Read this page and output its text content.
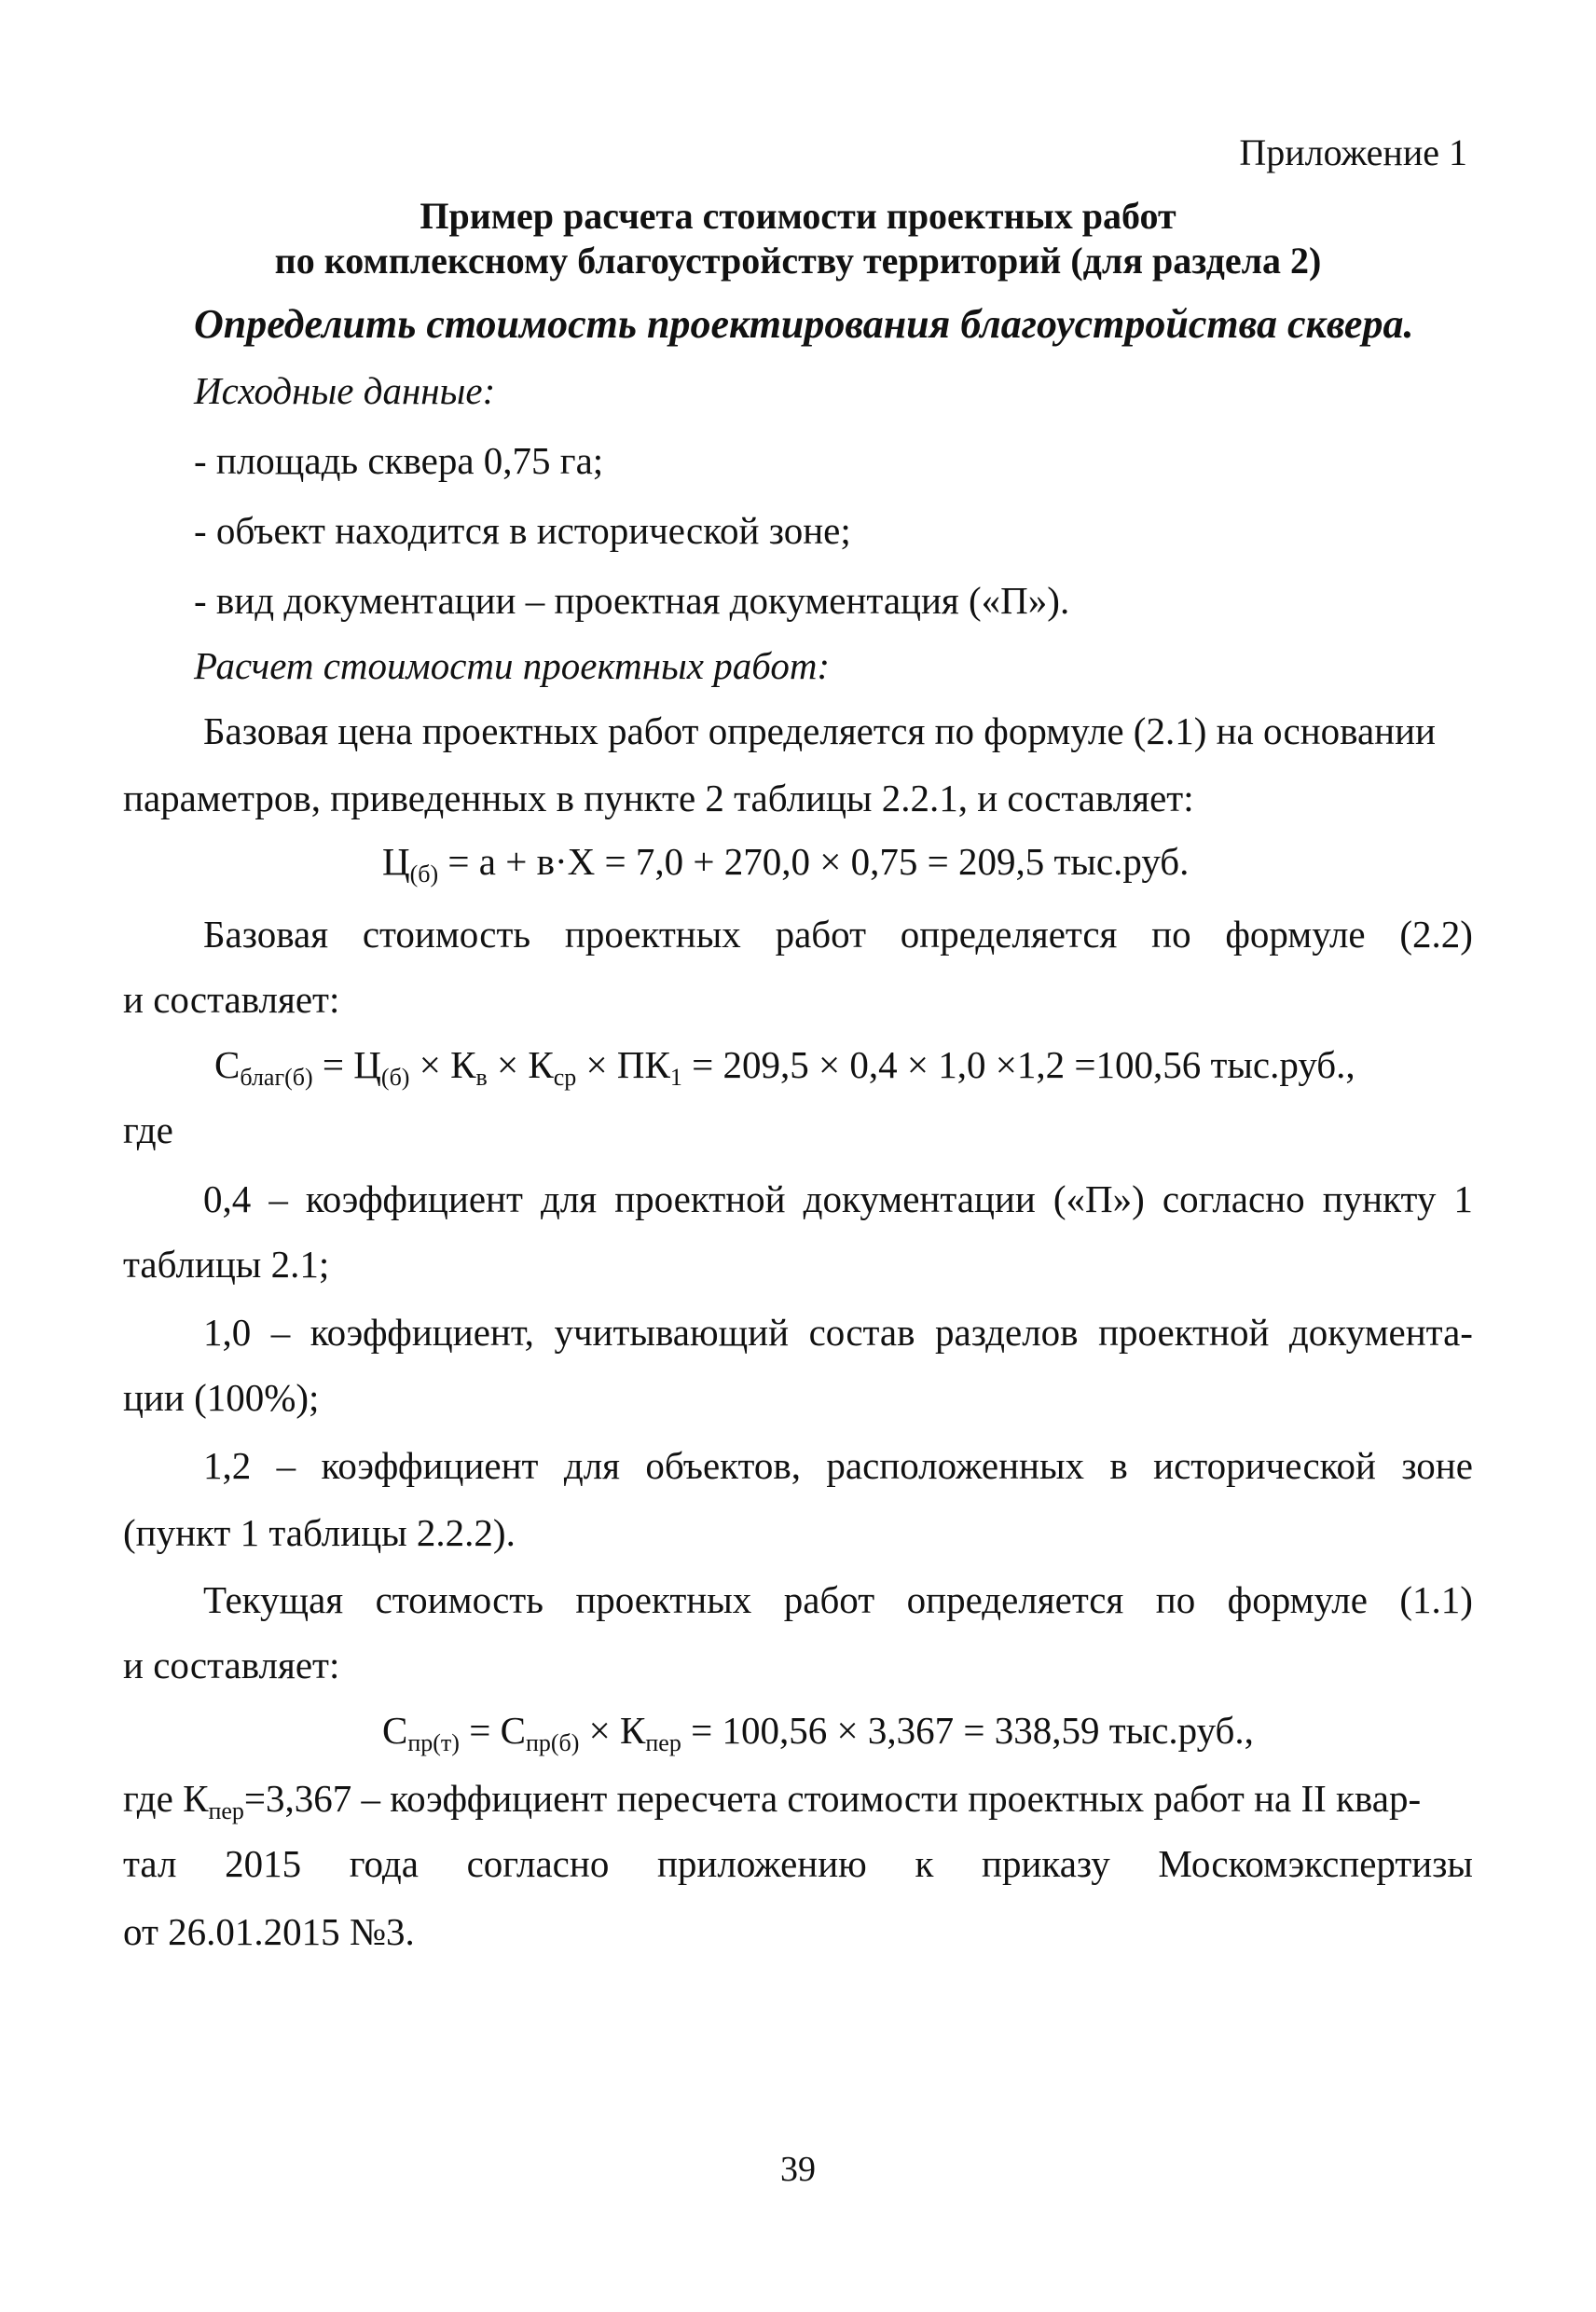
Приложение 1
Пример расчета стоимости проектных работ
по комплексному благоустройству территорий (для раздела 2)
Определить стоимость проектирования благоустройства сквера.
Исходные данные:
- площадь сквера 0,75 га;
- объект находится в исторической зоне;
- вид документации – проектная документация («П»).
Расчет стоимости проектных работ:
Базовая цена проектных работ определяется по формуле (2.1) на основании
параметров, приведенных в пункте 2 таблицы 2.2.1, и составляет:
$Ц_{(б)} = а + в\cdot Х = 7,0 + 270,0 \times 0,75 = 209,5$ тыс.руб.
Базовая стоимость проектных работ определяется по формуле (2.2)
и составляет:
$С_{благ(б)} = Ц_{(б)} \times К_в \times К_{ср} \times ПК_1 = 209,5 \times 0,4 \times 1,0 \times 1,2 =100,56$ тыс.руб.,
где
0,4 – коэффициент для проектной документации («П») согласно пункту 1
таблицы 2.1;
1,0 – коэффициент, учитывающий состав разделов проектной документа-
ции (100%);
1,2 – коэффициент для объектов, расположенных в исторической зоне
(пункт 1 таблицы 2.2.2).
Текущая стоимость проектных работ определяется по формуле (1.1)
и составляет:
$С_{пр(т)} = С_{пр(б)} \times К_{пер} = 100,56 \times 3,367 = 338,59$ тыс.руб.,
где $К_{пер}=3,367$ – коэффициент пересчета стоимости проектных работ на II квар-
тал 2015 года согласно приложению к приказу Москомэкспертизы
от 26.01.2015 №3.
39
